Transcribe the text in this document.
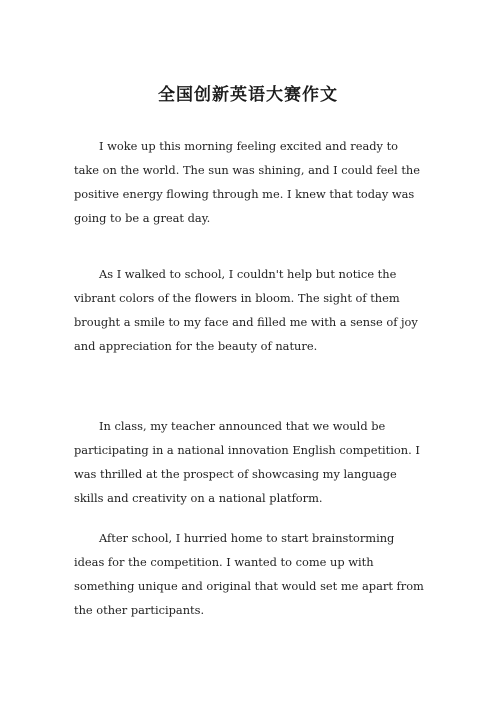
全国创新英语大赛作文

I woke up this morning feeling excited and ready to take on the world. The sun was shining, and I could feel the positive energy flowing through me. I knew that today was going to be a great day.

As I walked to school, I couldn't help but notice the vibrant colors of the flowers in bloom. The sight of them brought a smile to my face and filled me with a sense of joy and appreciation for the beauty of nature.

In class, my teacher announced that we would be participating in a national innovation English competition. I was thrilled at the prospect of showcasing my language skills and creativity on a national platform.

After school, I hurried home to start brainstorming ideas for the competition. I wanted to come up with something unique and original that would set me apart from the other participants.
